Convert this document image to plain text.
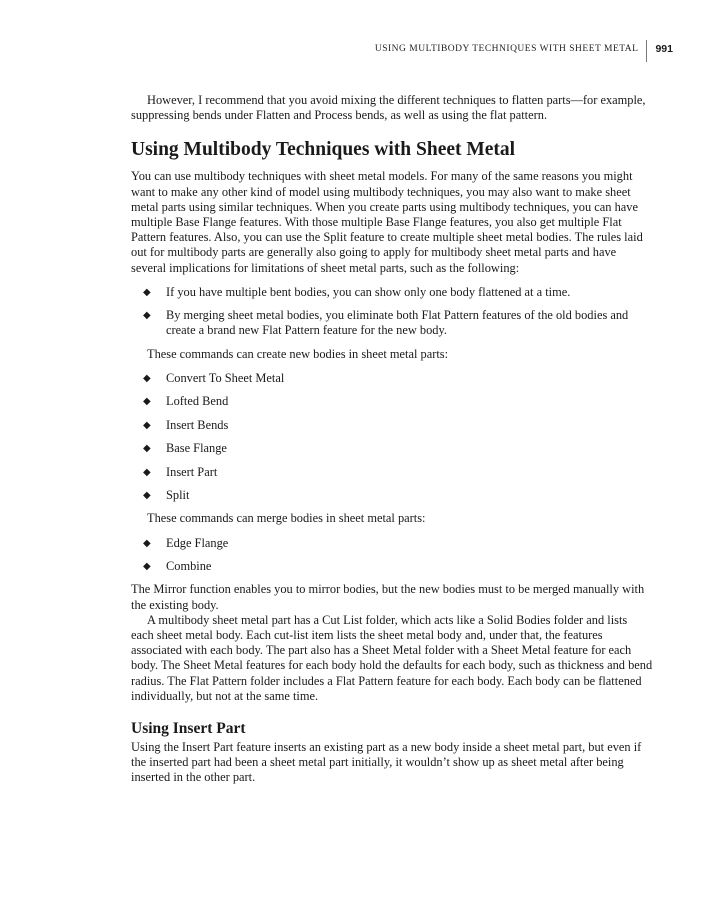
USING MULTIBODY TECHNIQUES WITH SHEET METAL	991

However, I recommend that you avoid mixing the different techniques to flatten parts—for example, suppressing bends under Flatten and Process bends, as well as using the flat pattern.

Using Multibody Techniques with Sheet Metal

You can use multibody techniques with sheet metal models. For many of the same reasons you might want to make any other kind of model using multibody techniques, you may also want to make sheet metal parts using similar techniques. When you create parts using multibody techniques, you can have multiple Base Flange features. With those multiple Base Flange features, you also get multiple Flat Pattern features. Also, you can use the Split feature to create multiple sheet metal bodies. The rules laid out for multibody parts are generally also going to apply for multibody sheet metal parts and have several implications for limitations of sheet metal parts, such as the following:

◆ If you have multiple bent bodies, you can show only one body flattened at a time.
◆ By merging sheet metal bodies, you eliminate both Flat Pattern features of the old bodies and create a brand new Flat Pattern feature for the new body.

These commands can create new bodies in sheet metal parts:

◆ Convert To Sheet Metal
◆ Lofted Bend
◆ Insert Bends
◆ Base Flange
◆ Insert Part
◆ Split

These commands can merge bodies in sheet metal parts:

◆ Edge Flange
◆ Combine

The Mirror function enables you to mirror bodies, but the new bodies must to be merged manually with the existing body.

A multibody sheet metal part has a Cut List folder, which acts like a Solid Bodies folder and lists each sheet metal body. Each cut-list item lists the sheet metal body and, under that, the features associated with each body. The part also has a Sheet Metal folder with a Sheet Metal feature for each body. The Sheet Metal features for each body hold the defaults for each body, such as thickness and bend radius. The Flat Pattern folder includes a Flat Pattern feature for each body. Each body can be flattened individually, but not at the same time.

Using Insert Part

Using the Insert Part feature inserts an existing part as a new body inside a sheet metal part, but even if the inserted part had been a sheet metal part initially, it wouldn’t show up as sheet metal after being inserted in the other part.
